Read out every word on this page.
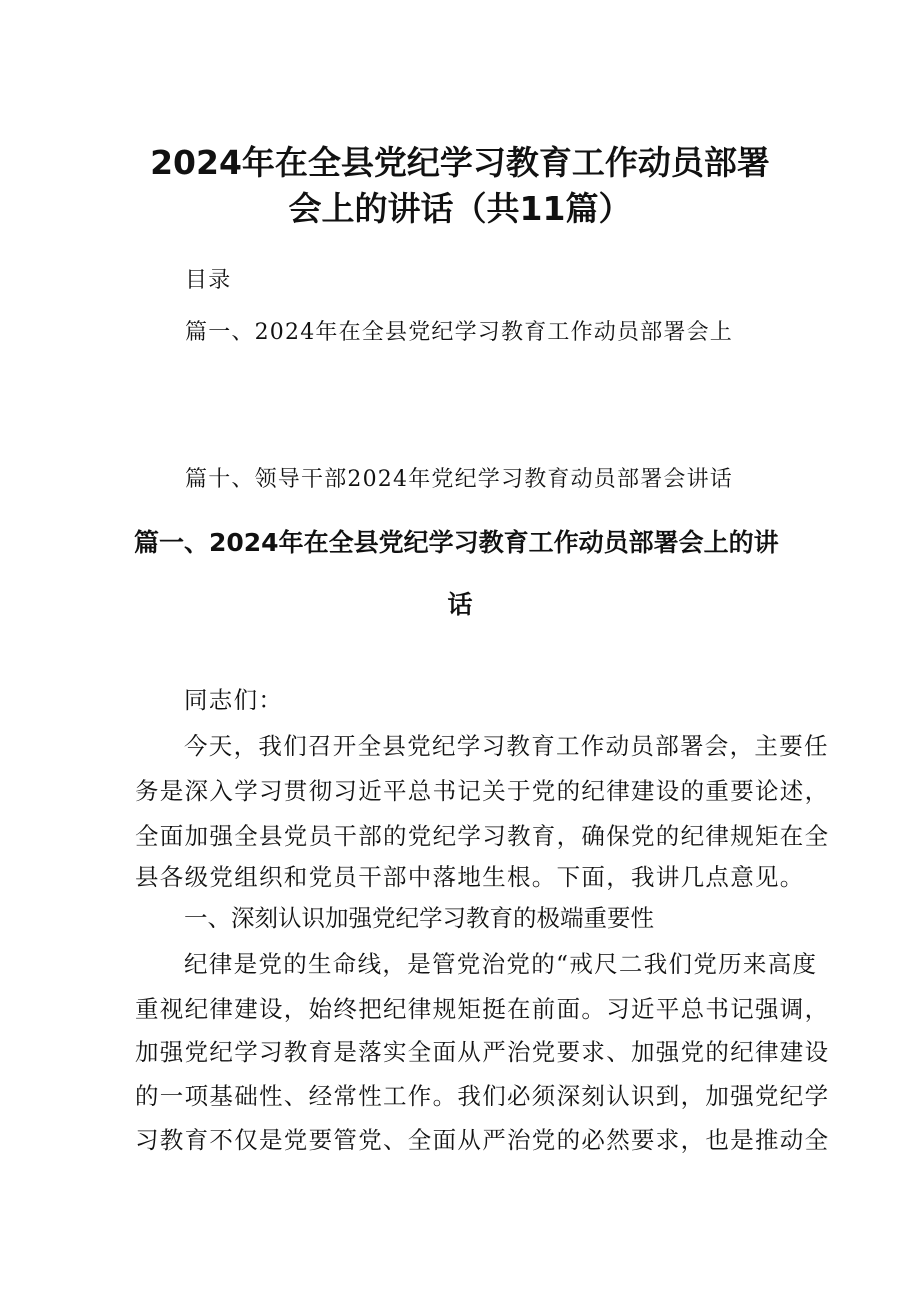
2024年在全县党纪学习教育工作动员部署
会上的讲话（共11篇）
目录
篇一、2024年在全县党纪学习教育工作动员部署会上
篇十、领导干部2024年党纪学习教育动员部署会讲话
篇一、2024年在全县党纪学习教育工作动员部署会上的讲
话
同志们：
今天，我们召开全县党纪学习教育工作动员部署会，主要任
务是深入学习贯彻习近平总书记关于党的纪律建设的重要论述，
全面加强全县党员干部的党纪学习教育，确保党的纪律规矩在全
县各级党组织和党员干部中落地生根。下面，我讲几点意见。
一、深刻认识加强党纪学习教育的极端重要性
纪律是党的生命线，是管党治党的“戒尺二我们党历来高度
重视纪律建设，始终把纪律规矩挺在前面。习近平总书记强调，
加强党纪学习教育是落实全面从严治党要求、加强党的纪律建设
的一项基础性、经常性工作。我们必须深刻认识到，加强党纪学
习教育不仅是党要管党、全面从严治党的必然要求，也是推动全
